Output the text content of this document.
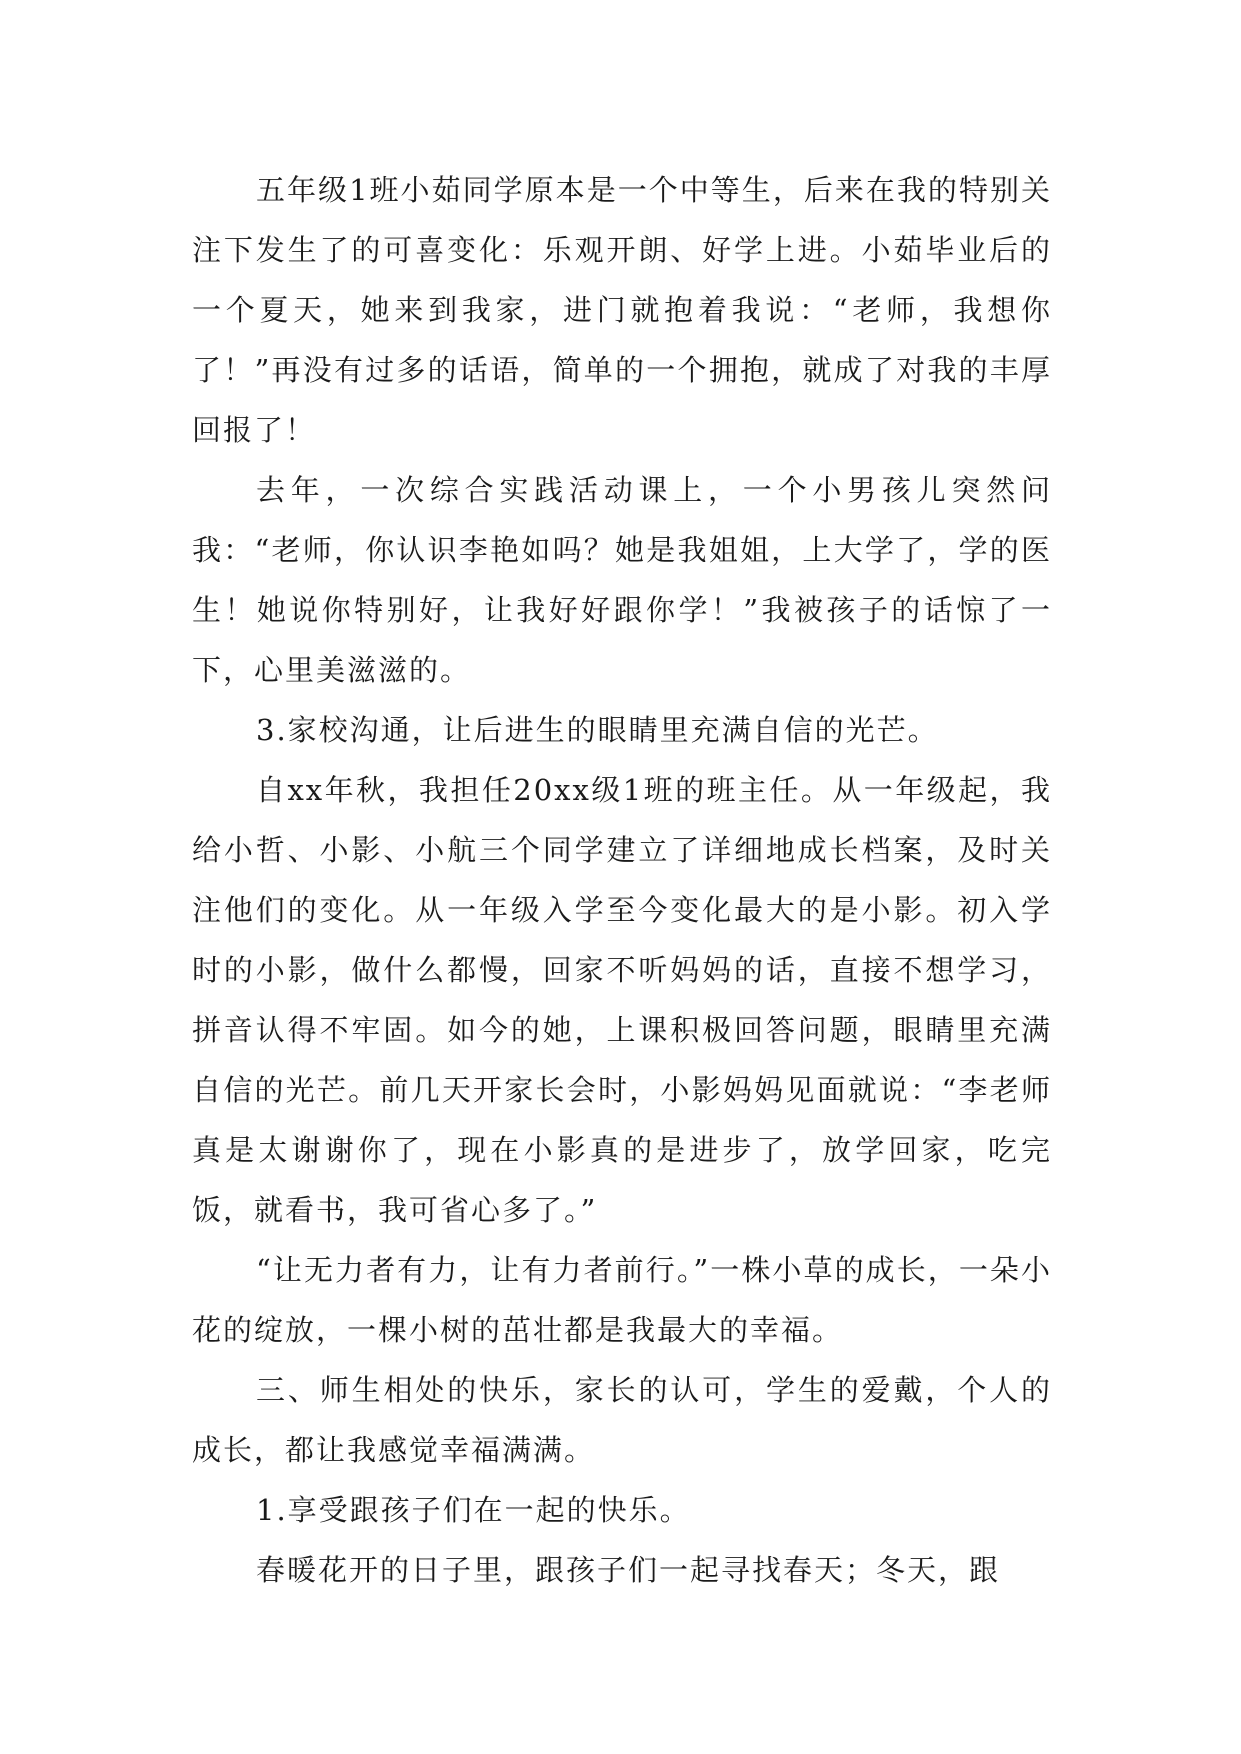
五年级1班小茹同学原本是一个中等生，后来在我的特别关注下发生了的可喜变化：乐观开朗、好学上进。小茹毕业后的一个夏天，她来到我家，进门就抱着我说：“老师，我想你了！”再没有过多的话语，简单的一个拥抱，就成了对我的丰厚回报了！

去年，一次综合实践活动课上，一个小男孩儿突然问我：“老师，你认识李艳如吗？她是我姐姐，上大学了，学的医生！她说你特别好，让我好好跟你学！”我被孩子的话惊了一下，心里美滋滋的。

3.家校沟通，让后进生的眼睛里充满自信的光芒。

自xx年秋，我担任20xx级1班的班主任。从一年级起，我给小哲、小影、小航三个同学建立了详细地成长档案，及时关注他们的变化。从一年级入学至今变化最大的是小影。初入学时的小影，做什么都慢，回家不听妈妈的话，直接不想学习，拼音认得不牢固。如今的她，上课积极回答问题，眼睛里充满自信的光芒。前几天开家长会时，小影妈妈见面就说：“李老师真是太谢谢你了，现在小影真的是进步了，放学回家，吃完饭，就看书，我可省心多了。”

“让无力者有力，让有力者前行。”一株小草的成长，一朵小花的绽放，一棵小树的茁壮都是我最大的幸福。

三、师生相处的快乐，家长的认可，学生的爱戴，个人的成长，都让我感觉幸福满满。

1.享受跟孩子们在一起的快乐。

春暖花开的日子里，跟孩子们一起寻找春天；冬天，跟
